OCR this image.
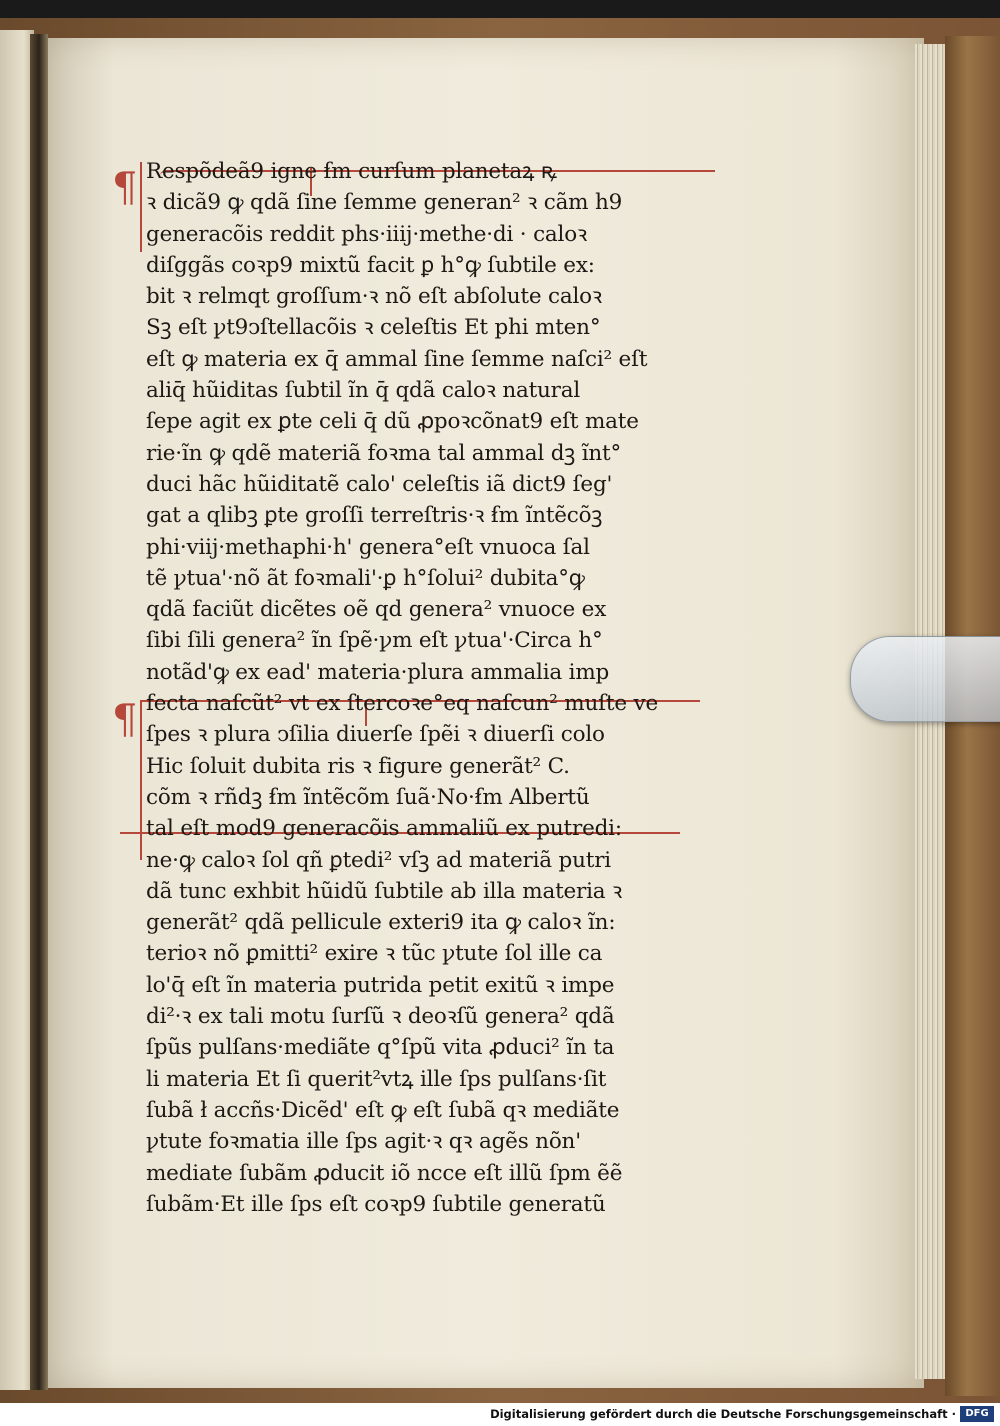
¶
¶
Respõdeã9 igne ẜm curſum planetaꝝ ꝶ
ꝛ dicã9 ꝙ qdã ſine ſemme generan² ꝛ cãm h9
generacõis reddit phs·iiij·methe·di · caloꝛ
diſggãs coꝛp9 mixtũ facit ꝑ h°ꝙ ſubtile ex:
bit ꝛ relmqt groſſum·ꝛ nõ eſt abſolute caloꝛ
Sꝫ eſt ꝩt9ↄſtellacõis ꝛ celeſtis Et phi mten°
eſt ꝙ materia ex q̄ ammal ſine ſemme naſci² eſt
aliq̄ hũiditas ſubtil ĩn q̄ qdã caloꝛ natural
ſepe agit ex ꝑte celi q̄ dũ ꝓpoꝛcõnat9 eſt mate
rie·ĩn ꝙ qdẽ materiã foꝛma tal ammal dꝫ ĩnt°
duci hãc hũiditatẽ calo' celeſtis iã dict9 ſeg'
gat a qlibꝫ ꝑte groſſi terreſtris·ꝛ ẜm ĩntẽcõꝫ
phi·viij·methaphi·h' genera°eſt vnuoca ſal
tẽ ꝩtua'·nõ ãt foꝛmali'·ꝑ h°ſolui² dubita°ꝙ
qdã faciũt dicẽtes oẽ qd genera² vnuoce ex
ſibi ſili genera² ĩn ſpẽ·ꝩm eſt ꝩtua'·Circa h°
notãd'ꝙ ex ead' materia·plura ammalia imp
fecta naſcũt² vt ex ſtercoꝛe°eq naſcun² muſte ve
ſpes ꝛ plura ↄſilia diuerſe ſpẽi ꝛ diuerſi colo
Hic ſoluit dubita ris ꝛ figure generãt² C.
cõm ꝛ rñdꝫ ẜm ĩntẽcõm ſuã·No·ẜm Albertũ
tal eſt mod9 generacõis ammaliũ ex putredi:
ne·ꝙ caloꝛ ſol qñ ꝑtedi² vſꝫ ad materiã putri
dã tunc exhbit hũidũ ſubtile ab illa materia ꝛ
generãt² qdã pellicule exteri9 ita ꝙ caloꝛ ĩn:
terioꝛ nõ ꝑmitti² exire ꝛ tũc ꝩtute ſol ille ca
lo'q̄ eſt ĩn materia putrida petit exitũ ꝛ impe
di²·ꝛ ex tali motu ſurſũ ꝛ deoꝛſũ genera² qdã
ſpũs pulſans·mediãte q°ſpũ vita ꝓduci² ĩn ta
li materia Et ſi querit²vtꝝ ille ſps pulſans·ſit
ſubã ł accñs·Dicẽd' eſt ꝙ eſt ſubã qꝛ mediãte
ꝩtute foꝛmatia ille ſps agit·ꝛ qꝛ agẽs nõn'
mediate ſubãm ꝓducit iõ ncce eſt illũ ſpm ẽẽ
ſubãm·Et ille ſps eſt coꝛp9 ſubtile generatũ
Digitalisierung gefördert durch die Deutsche Forschungsgemeinschaft · DFG
